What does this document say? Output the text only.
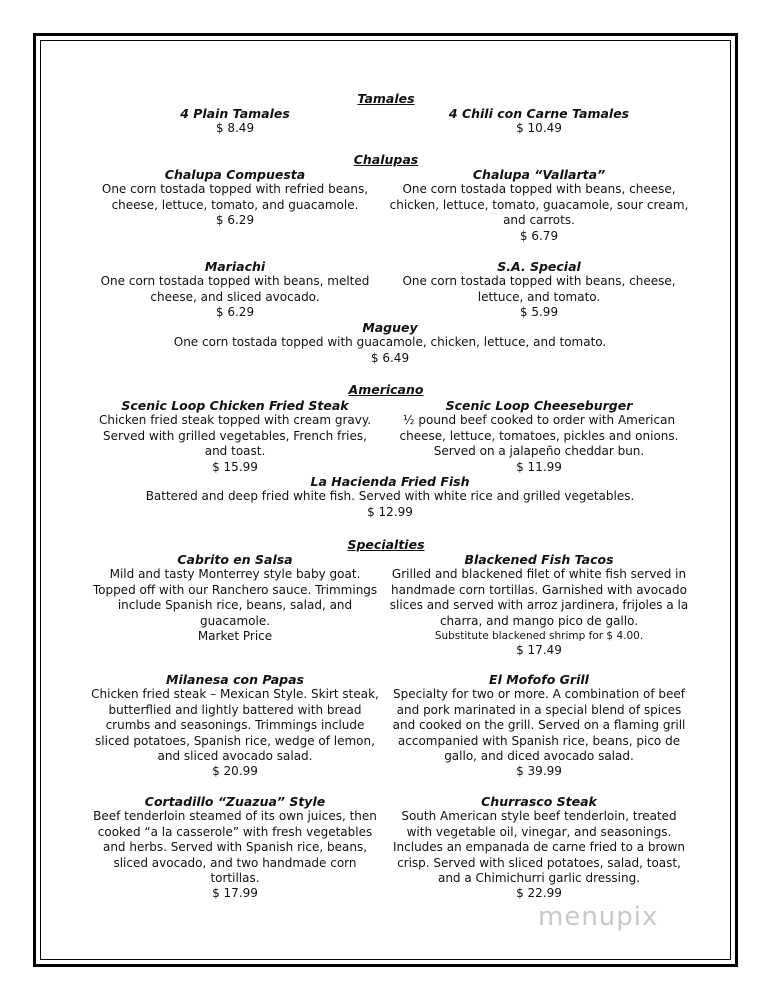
Tamales
4 Plain Tamales
$ 8.49
4 Chili con Carne Tamales
$ 10.49
Chalupas
Chalupa Compuesta
One corn tostada topped with refried beans, cheese, lettuce, tomato, and guacamole.
$ 6.29
Chalupa “Vallarta”
One corn tostada topped with beans, cheese, chicken, lettuce, tomato, guacamole, sour cream, and carrots.
$ 6.79
Mariachi
One corn tostada topped with beans, melted cheese, and sliced avocado.
$ 6.29
S.A. Special
One corn tostada topped with beans, cheese, lettuce, and tomato.
$ 5.99
Maguey
One corn tostada topped with guacamole, chicken, lettuce, and tomato.
$ 6.49
Americano
Scenic Loop Chicken Fried Steak
Chicken fried steak topped with cream gravy. Served with grilled vegetables, French fries, and toast.
$ 15.99
Scenic Loop Cheeseburger
½ pound beef cooked to order with American cheese, lettuce, tomatoes, pickles and onions. Served on a jalapeño cheddar bun.
$ 11.99
La Hacienda Fried Fish
Battered and deep fried white fish. Served with white rice and grilled vegetables.
$ 12.99
Specialties
Cabrito en Salsa
Mild and tasty Monterrey style baby goat. Topped off with our Ranchero sauce. Trimmings include Spanish rice, beans, salad, and guacamole.
Market Price
Blackened Fish Tacos
Grilled and blackened filet of white fish served in handmade corn tortillas. Garnished with avocado slices and served with arroz jardinera, frijoles a la charra, and mango pico de gallo.
Substitute blackened shrimp for $ 4.00.
$ 17.49
Milanesa con Papas
Chicken fried steak – Mexican Style. Skirt steak, butterflied and lightly battered with bread crumbs and seasonings. Trimmings include sliced potatoes, Spanish rice, wedge of lemon, and sliced avocado salad.
$ 20.99
El Mofofo Grill
Specialty for two or more. A combination of beef and pork marinated in a special blend of spices and cooked on the grill. Served on a flaming grill accompanied with Spanish rice, beans, pico de gallo, and diced avocado salad.
$ 39.99
Cortadillo “Zuazua” Style
Beef tenderloin steamed of its own juices, then cooked “a la casserole” with fresh vegetables and herbs. Served with Spanish rice, beans, sliced avocado, and two handmade corn tortillas.
$ 17.99
Churrasco Steak
South American style beef tenderloin, treated with vegetable oil, vinegar, and seasonings. Includes an empanada de carne fried to a brown crisp. Served with sliced potatoes, salad, toast, and a Chimichurri garlic dressing.
$ 22.99
menupix
